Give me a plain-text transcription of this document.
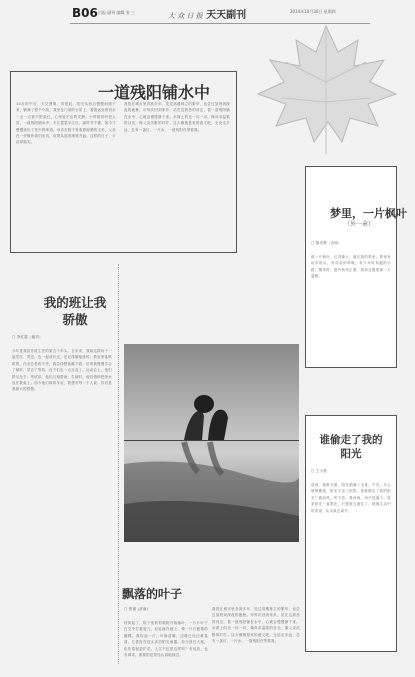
B06 日报 副刊 编辑 张 三	大 众 日 报 天天副刊	2014年10月30日 星期四
一道残阳铺水中
10月的午后，天空澄明，风很轻，阳光从西边慢慢斜照下来，铺满了整个小院。我坐在门前的台阶上，看着远处的河水一点一点被夕阳染红，心里说不出的安静。小时候常听老人讲，一道残阳铺水中，半江瑟瑟半江红，那时并不懂，如今才慢慢读出了其中的味道。母亲在院子里收着晾晒的玉米，父亲在一旁修补着旧农具，炊烟从屋顶缓缓升起，这样的日子，平淡却踏实。
我曾在城市里奔波多年，见过高楼林立的繁华，也尝过加班到深夜的疲惫。可每次回到家乡，站在这熟悉的河边，看一道残阳铺在水中，心就会慢慢静下来。水面上的光一闪一闪，像母亲温柔的目光，像父亲沉默的叮咛。这大概就是家的意义吧，无论走多远，总有一盏灯、一片水、一道残阳在等着我。
我的班让我骄傲
□ 李红霞（潍坊）
今年是我担任班主任的第五个年头。五年来，我和这群孩子一起笑过、哭过，也一起成长过。还记得刚接班时，教室里乱哄哄的，作业总是收不齐，我急得整夜睡不着。后来我慢慢学会了倾听，学会了等待，孩子们也一点点变了。运动会上，他们拼尽全力；考试前，他们互相帮助；生病时，他们悄悄把热水放在我桌上。如今他们即将毕业，我想对每一个人说：你们是我最大的骄傲。
飘落的叶子
□ 张丽 (济南)
秋风起了，院子里的梧桐树开始落叶。一片片叶子在空中打着旋儿，轻轻落在地上，像一只只疲倦的蝴蝶。我捡起一片，叶脉清晰，边缘已经泛黄卷曲。它曾经在枝头沐浴阳光雨露，如今回归大地，化作春泥更护花。人生不也是这样吗？有绽放，也有凋零，重要的是曾经认真地绿过。
我曾在城市里奔波多年，见过高楼林立的繁华，也尝过加班到深夜的疲惫。可每次回到家乡，站在这熟悉的河边，看一道残阳铺在水中，心就会慢慢静下来。水面上的光一闪一闪，像母亲温柔的目光，像父亲沉默的叮咛。这大概就是家的意义吧，无论走多远，总有一盏灯、一片水、一道残阳在等着我。
梦里，一片枫叶
（外一章）
□ 陈光辉（济南）
那一片枫叶，红得像火，落在我的梦里。梦里有故乡的山，有母亲的呼唤，有少年时奔跑的小路。醒来时，窗外秋风正紧，我却还握着那一片温暖。
谁偷走了我的阳光
□ 王小燕
清晨，我推开窗，阳光洒满了书桌。午后，乌云悄悄聚拢，阳光不见了踪影。是谁偷走了我的阳光？我问风，风不语；我问雨，雨只是落下。原来阳光一直都在，只是被云遮住了，就像生活中的希望，从未真正离开。
